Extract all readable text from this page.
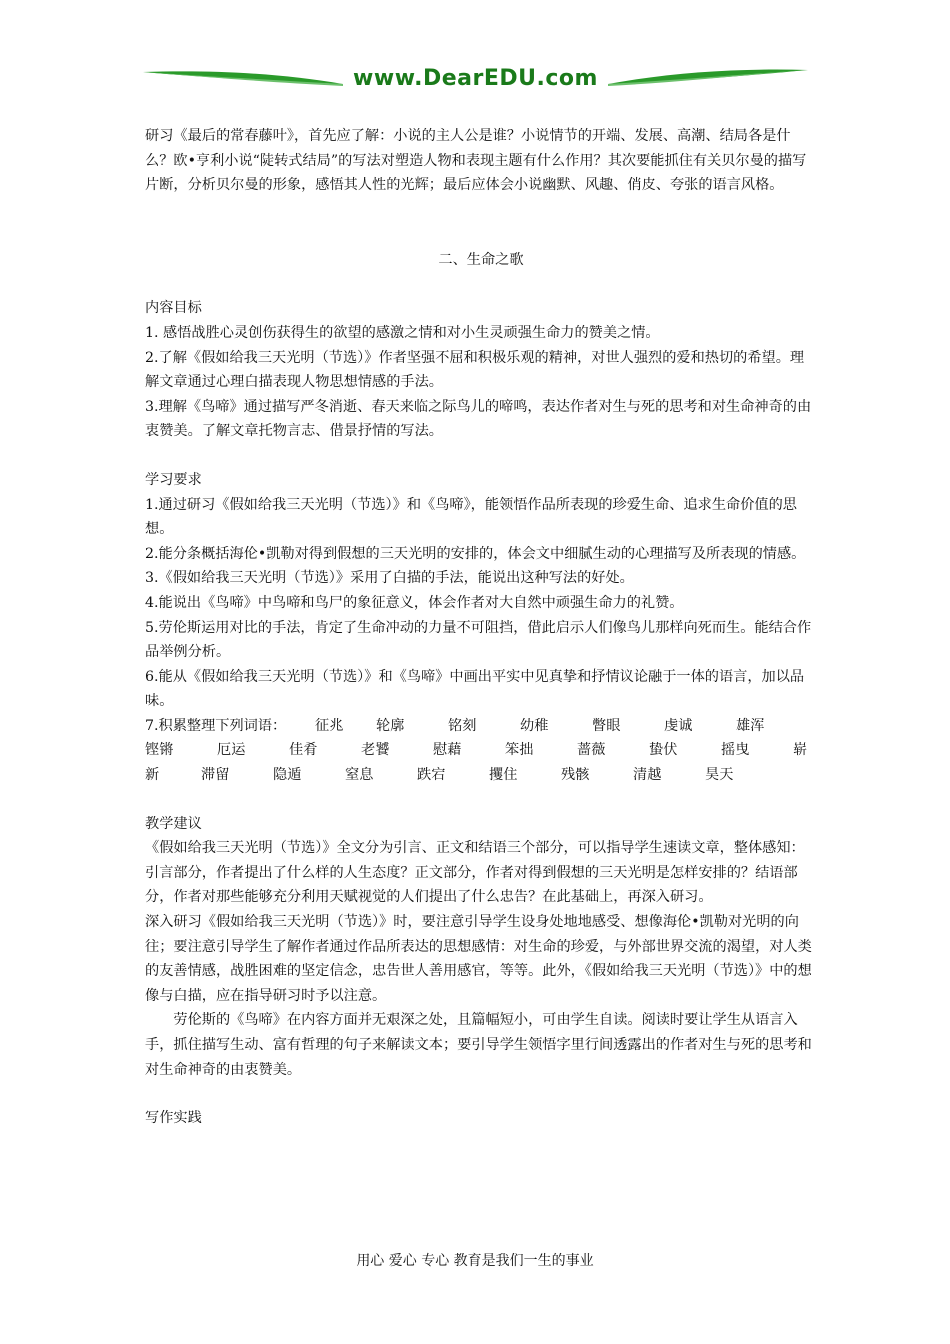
www.DearEDU.com

研习《最后的常春藤叶》，首先应了解：小说的主人公是谁？小说情节的开端、发展、高潮、结局各是什么？欧•亨利小说“陡转式结局”的写法对塑造人物和表现主题有什么作用？其次要能抓住有关贝尔曼的描写片断，分析贝尔曼的形象，感悟其人性的光辉；最后应体会小说幽默、风趣、俏皮、夸张的语言风格。

二、生命之歌

内容目标

1. 感悟战胜心灵创伤获得生的欲望的感激之情和对小生灵顽强生命力的赞美之情。

2.了解《假如给我三天光明（节选）》作者坚强不屈和积极乐观的精神，对世人强烈的爱和热切的希望。理解文章通过心理白描表现人物思想情感的手法。

3.理解《鸟啼》通过描写严冬消逝、春天来临之际鸟儿的啼鸣，表达作者对生与死的思考和对生命神奇的由衷赞美。了解文章托物言志、借景抒情的写法。

学习要求

1.通过研习《假如给我三天光明（节选）》和《鸟啼》，能领悟作品所表现的珍爱生命、追求生命价值的思想。

2.能分条概括海伦•凯勒对得到假想的三天光明的安排的，体会文中细腻生动的心理描写及所表现的情感。

3.《假如给我三天光明（节选）》采用了白描的手法，能说出这种写法的好处。

4.能说出《鸟啼》中鸟啼和鸟尸的象征意义，体会作者对大自然中顽强生命力的礼赞。

5.劳伦斯运用对比的手法，肯定了生命冲动的力量不可阻挡，借此启示人们像鸟儿那样向死而生。能结合作品举例分析。

6.能从《假如给我三天光明（节选）》和《鸟啼》中画出平实中见真挚和抒情议论融于一体的语言，加以品味。

7.积累整理下列词语：	征兆	轮廓	铭刻	幼稚	瞥眼	虔诚	雄浑
铿锵	厄运	佳肴	老饕	慰藉	笨拙	蔷薇	蛰伏	摇曳	崭
新	滞留	隐遁	窒息	跌宕	攫住	残骸	清越	昊天

教学建议

《假如给我三天光明（节选）》全文分为引言、正文和结语三个部分，可以指导学生速读文章，整体感知：引言部分，作者提出了什么样的人生态度？正文部分，作者对得到假想的三天光明是怎样安排的？结语部分，作者对那些能够充分利用天赋视觉的人们提出了什么忠告？在此基础上，再深入研习。

深入研习《假如给我三天光明（节选）》时，要注意引导学生设身处地地感受、想像海伦•凯勒对光明的向往；要注意引导学生了解作者通过作品所表达的思想感情：对生命的珍爱，与外部世界交流的渴望，对人类的友善情感，战胜困难的坚定信念，忠告世人善用感官，等等。此外，《假如给我三天光明（节选）》中的想像与白描，应在指导研习时予以注意。

劳伦斯的《鸟啼》在内容方面并无艰深之处，且篇幅短小，可由学生自读。阅读时要让学生从语言入手，抓住描写生动、富有哲理的句子来解读文本；要引导学生领悟字里行间透露出的作者对生与死的思考和对生命神奇的由衷赞美。

写作实践

用心 爱心 专心 教育是我们一生的事业
